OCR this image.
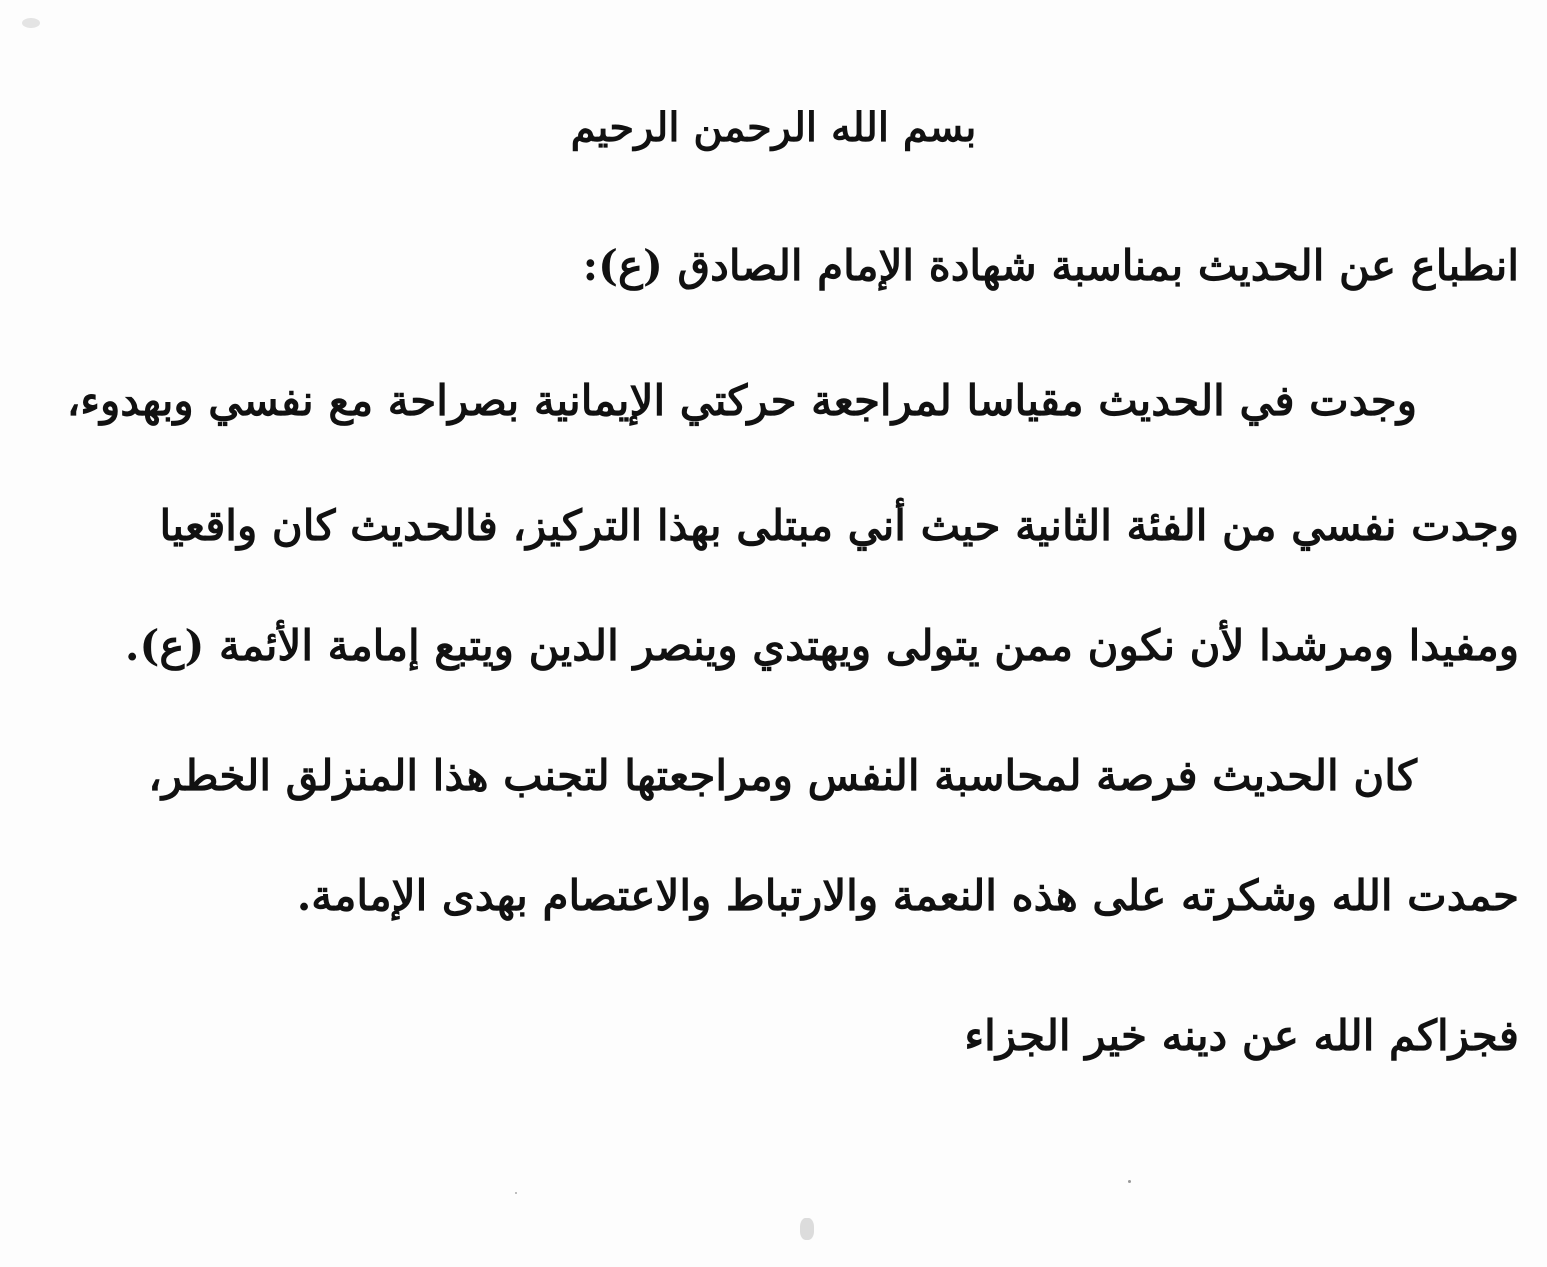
بسم الله الرحمن الرحيم
انطباع عن الحديث بمناسبة شهادة الإمام الصادق (ع):
وجدت في الحديث مقياسا لمراجعة حركتي الإيمانية بصراحة مع نفسي وبهدوء،
وجدت نفسي من الفئة الثانية حيث أني مبتلى بهذا التركيز، فالحديث كان واقعيا
ومفيدا ومرشدا لأن نكون ممن يتولى ويهتدي وينصر الدين ويتبع إمامة الأئمة (ع).
كان الحديث فرصة لمحاسبة النفس ومراجعتها لتجنب هذا المنزلق الخطر،
حمدت الله وشكرته على هذه النعمة والارتباط والاعتصام بهدى الإمامة.
فجزاكم الله عن دينه خير الجزاء
